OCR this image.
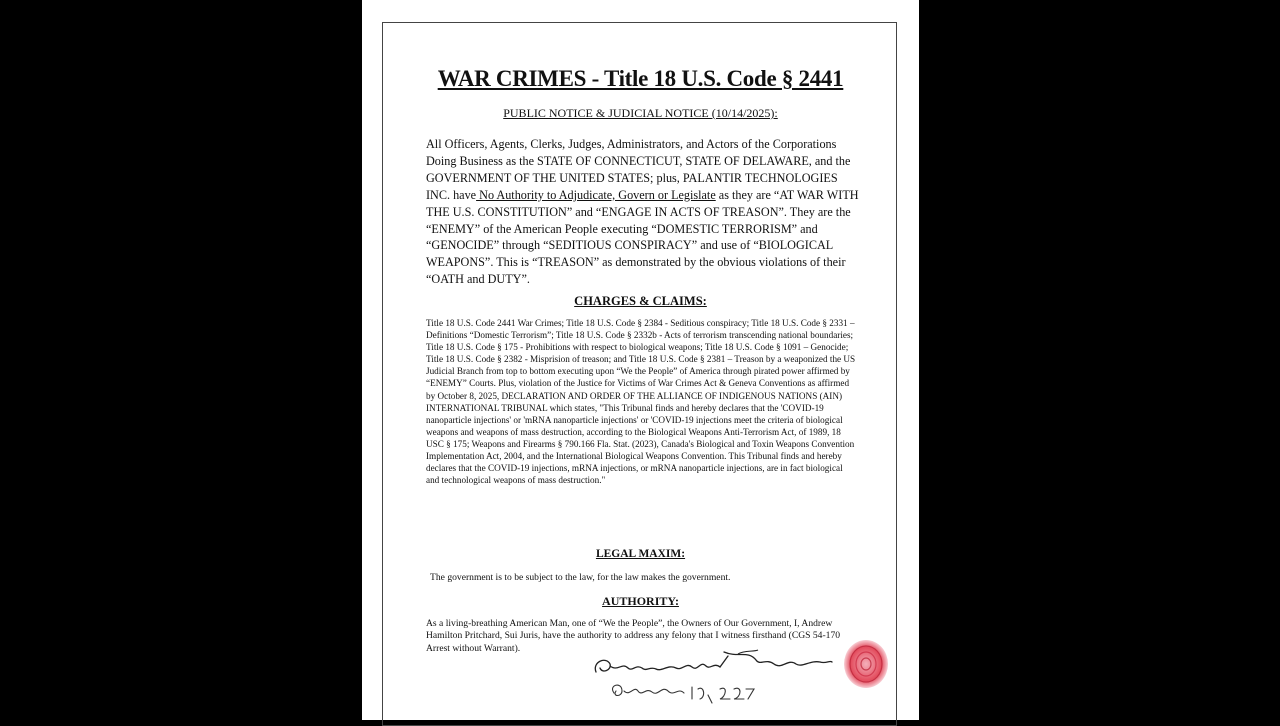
WAR CRIMES - Title 18 U.S. Code § 2441
PUBLIC NOTICE & JUDICIAL NOTICE (10/14/2025):
All Officers, Agents, Clerks, Judges, Administrators, and Actors of the Corporations Doing Business as the STATE OF CONNECTICUT, STATE OF DELAWARE, and the GOVERNMENT OF THE UNITED STATES; plus, PALANTIR TECHNOLOGIES INC. have No Authority to Adjudicate, Govern or Legislate as they are “AT WAR WITH THE U.S. CONSTITUTION” and “ENGAGE IN ACTS OF TREASON”. They are the “ENEMY” of the American People executing “DOMESTIC TERRORISM” and “GENOCIDE” through “SEDITIOUS CONSPIRACY” and use of “BIOLOGICAL WEAPONS”. This is “TREASON” as demonstrated by the obvious violations of their “OATH and DUTY”.
CHARGES & CLAIMS:
Title 18 U.S. Code 2441 War Crimes; Title 18 U.S. Code § 2384 - Seditious conspiracy; Title 18 U.S. Code § 2331 – Definitions “Domestic Terrorism”; Title 18 U.S. Code § 2332b - Acts of terrorism transcending national boundaries; Title 18 U.S. Code § 175 - Prohibitions with respect to biological weapons; Title 18 U.S. Code § 1091 – Genocide; Title 18 U.S. Code § 2382 - Misprision of treason; and Title 18 U.S. Code § 2381 – Treason by a weaponized the US Judicial Branch from top to bottom executing upon “We the People” of America through pirated power affirmed by “ENEMY” Courts. Plus, violation of the Justice for Victims of War Crimes Act & Geneva Conventions as affirmed by October 8, 2025, DECLARATION AND ORDER OF THE ALLIANCE OF INDIGENOUS NATIONS (AIN) INTERNATIONAL TRIBUNAL which states, "This Tribunal finds and hereby declares that the 'COVID-19 nanoparticle injections' or 'mRNA nanoparticle injections' or 'COVID-19 injections meet the criteria of biological weapons and weapons of mass destruction, according to the Biological Weapons Anti-Terrorism Act, of 1989, 18 USC § 175; Weapons and Firearms § 790.166 Fla. Stat. (2023), Canada's Biological and Toxin Weapons Convention Implementation Act, 2004, and the International Biological Weapons Convention. This Tribunal finds and hereby declares that the COVID-19 injections, mRNA injections, or mRNA nanoparticle injections, are in fact biological and technological weapons of mass destruction."
LEGAL MAXIM:
The government is to be subject to the law, for the law makes the government.
AUTHORITY:
As a living-breathing American Man, one of “We the People”, the Owners of Our Government, I, Andrew Hamilton Pritchard, Sui Juris, have the authority to address any felony that I witness firsthand (CGS 54-170 Arrest without Warrant).
